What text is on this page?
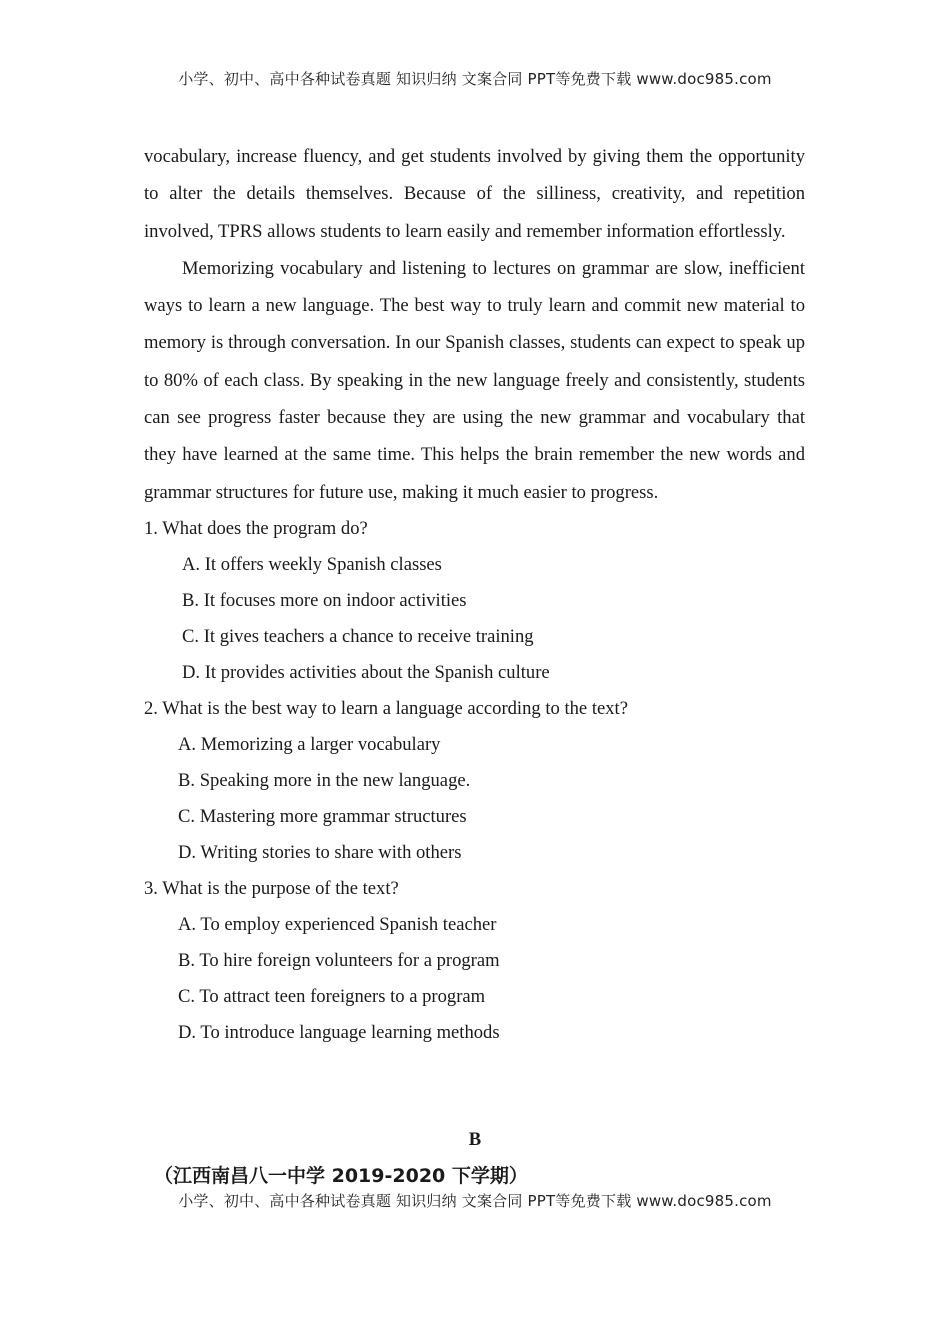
小学、初中、高中各种试卷真题 知识归纳 文案合同 PPT等免费下载 www.doc985.com

vocabulary, increase fluency, and get students involved by giving them the opportunity to alter the details themselves. Because of the silliness, creativity, and repetition involved, TPRS allows students to learn easily and remember information effortlessly.

Memorizing vocabulary and listening to lectures on grammar are slow, inefficient ways to learn a new language. The best way to truly learn and commit new material to memory is through conversation. In our Spanish classes, students can expect to speak up to 80% of each class. By speaking in the new language freely and consistently, students can see progress faster because they are using the new grammar and vocabulary that they have learned at the same time. This helps the brain remember the new words and grammar structures for future use, making it much easier to progress.

1. What does the program do?

A. It offers weekly Spanish classes
B. It focuses more on indoor activities
C. It gives teachers a chance to receive training
D. It provides activities about the Spanish culture

2. What is the best way to learn a language according to the text?

A. Memorizing a larger vocabulary
B. Speaking more in the new language.
C. Mastering more grammar structures
D. Writing stories to share with others

3. What is the purpose of the text?

A. To employ experienced Spanish teacher
B. To hire foreign volunteers for a program
C. To attract teen foreigners to a program
D. To introduce language learning methods
B
（江西南昌八一中学 2019-2020 下学期）
小学、初中、高中各种试卷真题 知识归纳 文案合同 PPT等免费下载 www.doc985.com
